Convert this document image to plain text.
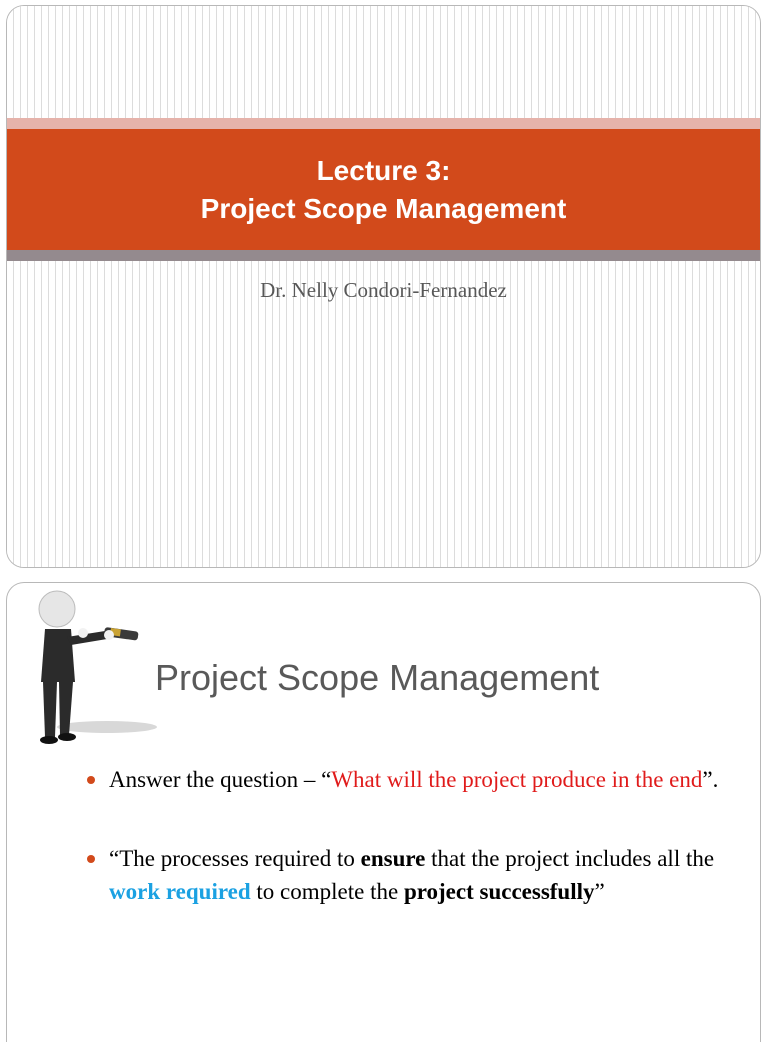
Lecture 3:
Project Scope Management
Dr. Nelly Condori-Fernandez
Project Scope Management
Answer the question – “What will the project produce in the end”.
“The processes required to ensure that the project includes all the work required to complete the project successfully”
